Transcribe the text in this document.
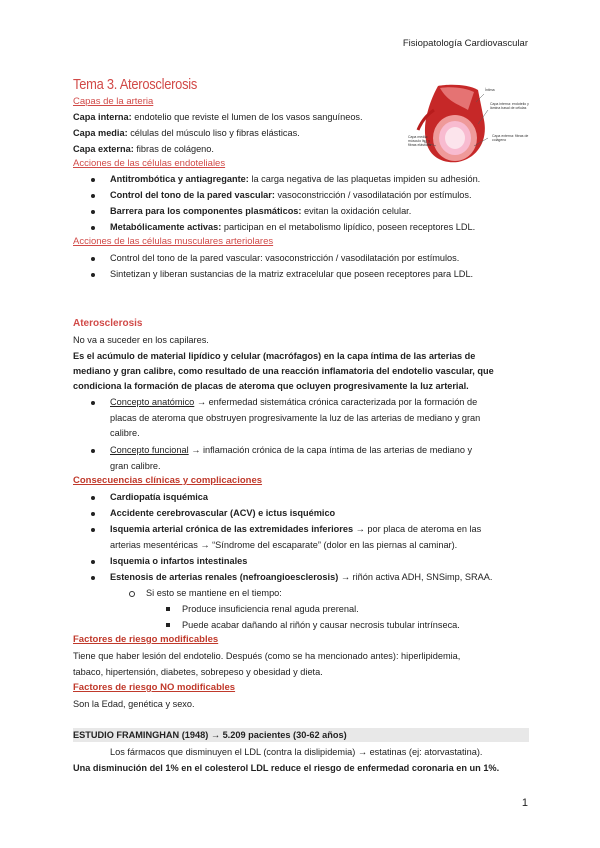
Fisiopatología Cardiovascular
Tema 3. Aterosclerosis
Capas de la arteria
Capa interna: endotelio que reviste el lumen de los vasos sanguíneos.
Capa media: células del músculo liso y fibras elásticas.
Capa externa: fibras de colágeno.
Íntima
Capa interna: endotelio y lámina basal de células
Capa media: músculo liso y fibras elásticas
Capa externa: fibras de colágeno
Acciones de las células endoteliales
Antitrombótica y antiagregante: la carga negativa de las plaquetas impiden su adhesión.
Control del tono de la pared vascular: vasoconstricción / vasodilatación por estímulos.
Barrera para los componentes plasmáticos: evitan la oxidación celular.
Metabólicamente activas: participan en el metabolismo lipídico, poseen receptores LDL.
Acciones de las células musculares arteriolares
Control del tono de la pared vascular: vasoconstricción / vasodilatación por estímulos.
Sintetizan y liberan sustancias de la matriz extracelular que poseen receptores para LDL.
Aterosclerosis
No va a suceder en los capilares.
Es el acúmulo de material lipídico y celular (macrófagos) en la capa íntima de las arterias de
mediano y gran calibre, como resultado de una reacción inflamatoria del endotelio vascular, que
condiciona la formación de placas de ateroma que ocluyen progresivamente la luz arterial.
Concepto anatómico → enfermedad sistemática crónica caracterizada por la formación de
placas de ateroma que obstruyen progresivamente la luz de las arterias de mediano y gran
calibre.
Concepto funcional → inflamación crónica de la capa íntima de las arterias de mediano y
gran calibre.
Consecuencias clínicas y complicaciones
Cardiopatía isquémica
Accidente cerebrovascular (ACV) e ictus isquémico
Isquemia arterial crónica de las extremidades inferiores → por placa de ateroma en las
arterias mesentéricas → “Síndrome del escaparate” (dolor en las piernas al caminar).
Isquemia o infartos intestinales
Estenosis de arterias renales (nefroangioesclerosis) → riñón activa ADH, SNSimp, SRAA.
Si esto se mantiene en el tiempo:
Produce insuficiencia renal aguda prerenal.
Puede acabar dañando al riñón y causar necrosis tubular intrínseca.
Factores de riesgo modificables
Tiene que haber lesión del endotelio. Después (como se ha mencionado antes): hiperlipidemia,
tabaco, hipertensión, diabetes, sobrepeso y obesidad y dieta.
Factores de riesgo NO modificables
Son la Edad, genética y sexo.
ESTUDIO FRAMINGHAN (1948) → 5.209 pacientes (30-62 años)
Los fármacos que disminuyen el LDL (contra la dislipidemia) → estatinas (ej: atorvastatina).
Una disminución del 1% en el colesterol LDL reduce el riesgo de enfermedad coronaria en un 1%.
1
